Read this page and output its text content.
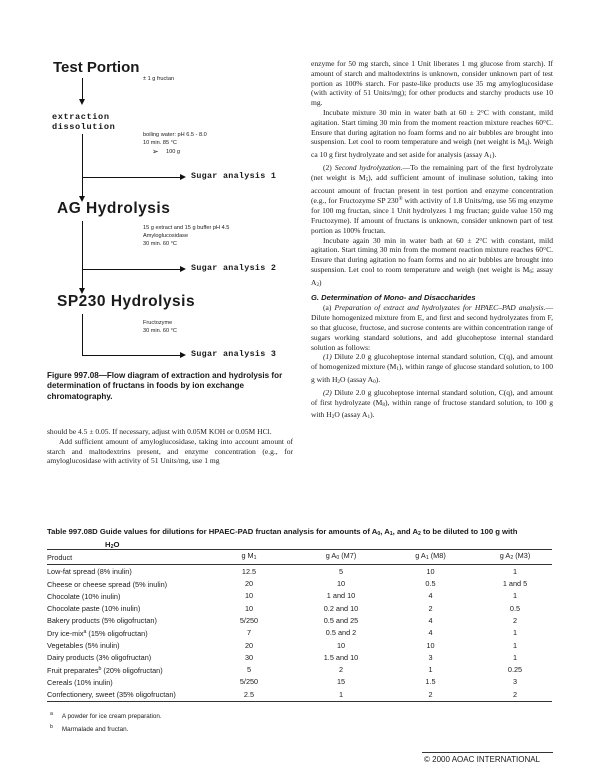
Test Portion
± 1 g fructan
extraction
dissolution
boiling water: pH 6.5 - 8.0
10 min. 85 °C
➢ 100 g
Sugar analysis 1
AG Hydrolysis
15 g extract and 15 g buffer pH 4.5
Amyloglucosidase
30 min. 60 °C
Sugar analysis 2
SP230 Hydrolysis
Fructozyme
30 min. 60 °C
Sugar analysis 3
Figure 997.08—Flow diagram of extraction and hydrolysis for determination of fructans in foods by ion exchange chromatography.

should be 4.5 ± 0.05. If necessary, adjust with 0.05M KOH or 0.05M HCl.

Add sufficient amount of amyloglucosidase, taking into account amount of starch and maltodextrins present, and enzyme concentration (e.g., for amyloglucosidase with activity of 51 Units/mg, use 1 mg

enzyme for 50 mg starch, since 1 Unit liberates 1 mg glucose from starch). If amount of starch and maltodextrins is unknown, consider unknown part of test portion as 100% starch. For paste-like products use 35 mg amyloglucosidase (with activity of 51 Units/mg); for other products and starchy products use 10 mg.

Incubate mixture 30 min in water bath at 60 ± 2°C with constant, mild agitation. Start timing 30 min from the moment reaction mixture reaches 60°C. Ensure that during agitation no foam forms and no air bubbles are brought into suspension. Let cool to room temperature and weigh (net weight is M4). Weigh ca 10 g first hydrolyzate and set aside for analysis (assay A1).

(2) Second hydrolyzation.—To the remaining part of the first hydrolyzate (net weight is M5), add sufficient amount of inulinase solution, taking into account amount of fructan present in test portion and enzyme concentration (e.g., for Fructozyme SP 230® with activity of 1.8 Units/mg, use 56 mg enzyme for 100 mg fructan, since 1 Unit hydrolyzes 1 mg fructan; guide value 150 mg Fructozyme). If amount of fructans is unknown, consider unknown part of test portion as 100% fructan.

Incubate again 30 min in water bath at 60 ± 2°C with constant, mild agitation. Start timing 30 min from the moment reaction mixture reaches 60°C. Ensure that during agitation no foam forms and no air bubbles are brought into suspension. Let cool to room temperature and weigh (net weight is M6; assay A2)

G. Determination of Mono- and Disaccharides

(a) Preparation of extract and hydrolyzates for HPAEC–PAD analysis.—Dilute homogenized mixture from E, and first and second hydrolyzates from F, so that glucose, fructose, and sucrose contents are within concentration range of sugars working standard solutions, and add glucoheptose internal standard solution as follows:

(1) Dilute 2.0 g glucoheptose internal standard solution, C(q), and amount of homogenized mixture (M1), within range of glucose standard solution, to 100 g with H2O (assay A0).

(2) Dilute 2.0 g glucoheptose internal standard solution, C(q), and amount of first hydrolyzate (M8), within range of fructose standard solution, to 100 g with H2O (assay A1).

Table 997.08D Guide values for dilutions for HPAEC-PAD fructan analysis for amounts of A0, A1, and A2 to be diluted to 100 g with
H2O
Product	g M1	g A0 (M7)	g A1 (M8)	g A2 (M3)
Low-fat spread (8% inulin)	12.5	5	10	1
Cheese or cheese spread (5% inulin)	20	10	0.5	1 and 5
Chocolate (10% inulin)	10	1 and 10	4	1
Chocolate paste (10% inulin)	10	0.2 and 10	2	0.5
Bakery products (5% oligofructan)	5/250	0.5 and 25	4	2
Dry ice-mix$^a$ (15% oligofructan)	7	0.5 and 2	4	1
Vegetables (5% inulin)	20	10	10	1
Dairy products (3% oligofructan)	30	1.5 and 10	3	1
Fruit preparates$^b$ (20% oligofructan)	5	2	1	0.25
Cereals (10% inulin)	5/250	15	1.5	3
Confectionery, sweet (35% oligofructan)	2.5	1	2	2
$^a$ A powder for ice cream preparation.
$^b$ Marmalade and fructan.
© 2000 AOAC INTERNATIONAL
